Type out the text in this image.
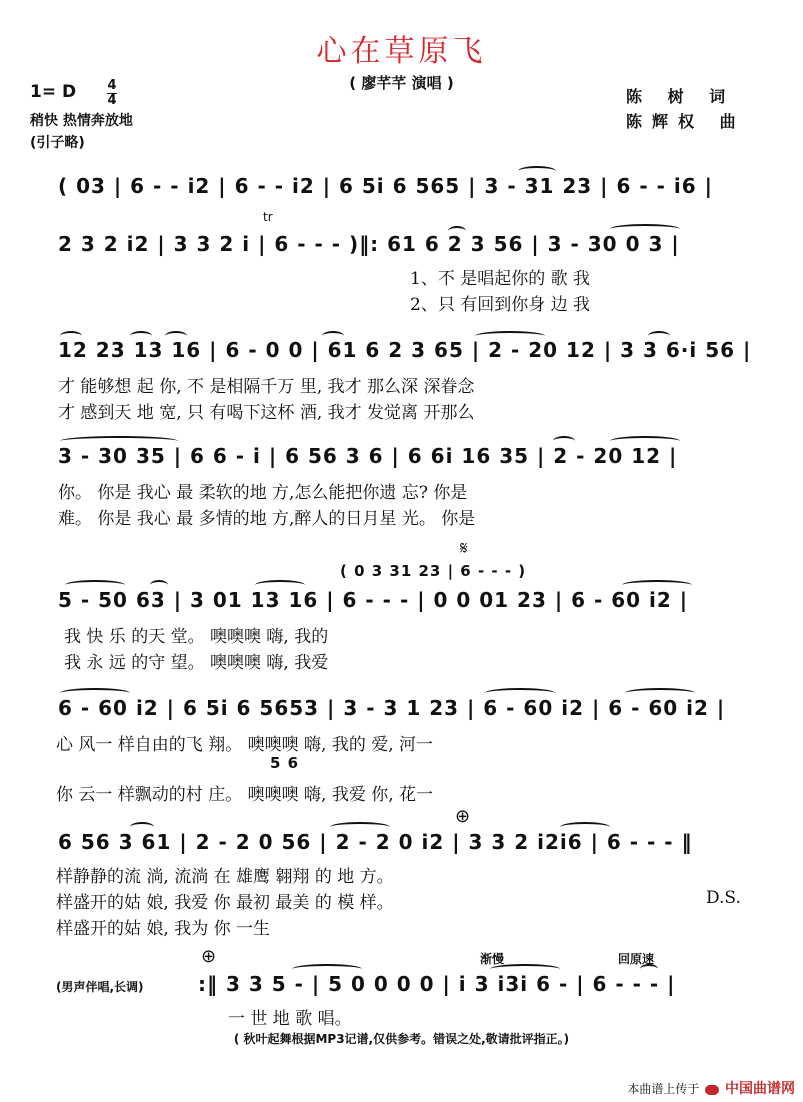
心在草原飞
( 廖芊芊 演唱 )
1= D 4
4
稍快 热情奔放地
(引子略)
陈 树 词
陈辉权 曲
( 03 | 6 - - i2 | 6 - - i2 | 6 5i 6 565 | 3 - 31 23 | 6 - - i6 |
2 3 2 i2 | 3 3 2 i | 6 - - - )‖: 61 6 2 3 56 | 3 - 30 0 3 |
tr
1、不 是唱起你的 歌 我
2、只 有回到你身 边 我
12 23 13 16 | 6 - 0 0 | 61 6 2 3 65 | 2 - 20 12 | 3 3 6·i 56 |
才 能够想 起 你, 不 是相隔千万 里, 我才 那么深 深眷念
才 感到天 地 宽, 只 有喝下这杯 酒, 我才 发觉离 开那么
3 - 30 35 | 6 6 - i | 6 56 3 6 | 6 6i 16 35 | 2 - 20 12 |
你。 你是 我心 最 柔软的地 方,怎么能把你遗 忘? 你是
难。 你是 我心 最 多情的地 方,醉人的日月星 光。 你是
𝄋
( 0 3 31 23 | 6 - - - )
5 - 50 63 | 3 01 13 16 | 6 - - - | 0 0 01 23 | 6 - 60 i2 |
我 快 乐 的天 堂。 噢噢噢 嗨, 我的
我 永 远 的守 望。 噢噢噢 嗨, 我爱
6 - 60 i2 | 6 5i 6 5653 | 3 - 3 1 23 | 6 - 60 i2 | 6 - 60 i2 |
心 风一 样自由的飞 翔。 噢噢噢 嗨, 我的 爱, 河一
5 6
你 云一 样飘动的村 庄。 噢噢噢 嗨, 我爱 你, 花一
⊕
6 56 3 61 | 2 - 2 0 56 | 2 - 2 0 i2 | 3 3 2 i2i6 | 6 - - - ‖
样静静的流 淌, 流淌 在 雄鹰 翱翔 的 地 方。
样盛开的姑 娘, 我爱 你 最初 最美 的 模 样。
样盛开的姑 娘, 我为 你 一生
D.S.
⊕	渐慢	回原速
(男声伴唱,长调)	:‖ 3 3 5 - | 5 0 0 0 0 | i 3 i3i 6 - | 6 - - - |
一 世 地 歌 唱。
( 秋叶起舞根据MP3记谱,仅供参考。错误之处,敬请批评指正。)
本曲谱上传于 中国曲谱网
